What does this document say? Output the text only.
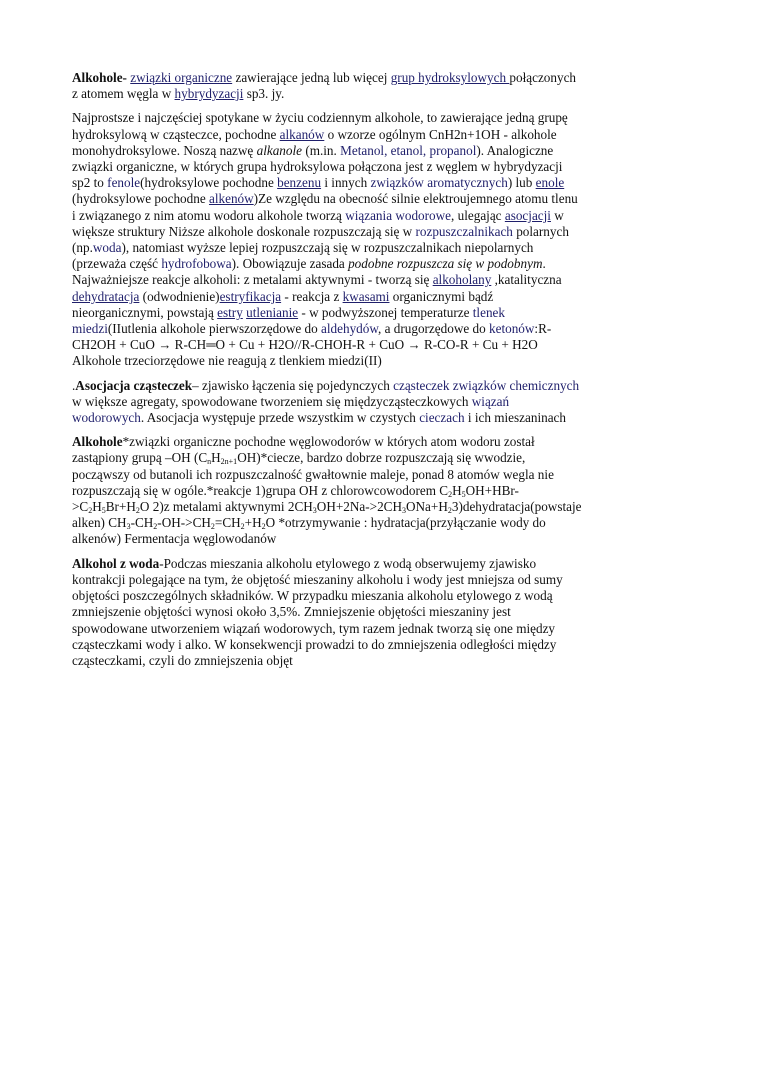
Alkohole- związki organiczne zawierające jedną lub więcej grup hydroksylowych połączonych z atomem węgla w hybrydyzacji sp3. jy.

Najprostsze i najczęściej spotykane w życiu codziennym alkohole, to zawierające jedną grupę hydroksylową w cząsteczce, pochodne alkanów o wzorze ogólnym CnH2n+1OH - alkohole monohydroksylowe. Noszą nazwę alkanole (m.in. Metanol, etanol, propanol). Analogiczne związki organiczne, w których grupa hydroksylowa połączona jest z węglem w hybrydyzacji sp2 to fenole(hydroksylowe pochodne benzenu i innych związków aromatycznych) lub enole (hydroksylowe pochodne alkenów)Ze względu na obecność silnie elektroujemnego atomu tlenu i związanego z nim atomu wodoru alkohole tworzą wiązania wodorowe, ulegając asocjacji w większe struktury Niższe alkohole doskonale rozpuszczają się w rozpuszczalnikach polarnych (np.woda), natomiast wyższe lepiej rozpuszczają się w rozpuszczalnikach niepolarnych (przeważa część hydrofobowa). Obowiązuje zasada podobne rozpuszcza się w podobnym. Najważniejsze reakcje alkoholi: z metalami aktywnymi - tworzą się alkoholany ,katalityczna dehydratacja (odwodnienie)estryfikacja - reakcja z kwasami organicznymi bądź nieorganicznymi, powstają estry utlenianie - w podwyższonej temperaturze tlenek miedzi(IIutlenia alkohole pierwszorzędowe do aldehydów, a drugorzędowe do ketonów:R-CH2OH + CuO → R-CH═O + Cu + H2O//R-CHOH-R + CuO → R-CO-R + Cu + H2O Alkohole trzeciorzędowe nie reagują z tlenkiem miedzi(II)

.Asocjacja cząsteczek– zjawisko łączenia się pojedynczych cząsteczek związków chemicznych w większe agregaty, spowodowane tworzeniem się międzycząsteczkowych wiązań wodorowych. Asocjacja występuje przede wszystkim w czystych cieczach i ich mieszaninach

Alkohole*związki organiczne pochodne węglowodorów w których atom wodoru został zastąpiony grupą –OH $(C_nH_{2n+1}OH)*ciecze$, bardzo dobrze rozpuszczają się wwodzie, począwszy od butanoli ich rozpuszczalność gwałtownie maleje, ponad 8 atomów wegla nie rozpuszczają się w ogóle.*reakcje 1)grupa OH z chlorowcowodorem $C_2H_5OH+HBr->C_2H_5Br+H_2O$ 2)z metalami aktywnymi $2CH_3OH+2Na->2CH_3ONa+H_23)dehydratacja(powstaje$ alken) $CH_3-CH_2-OH->CH_2=CH_2+H_2O$ *otrzymywanie : hydratacja(przyłączanie wody do alkenów) Fermentacja węglowodanów

Alkohol z woda-Podczas mieszania alkoholu etylowego z wodą obserwujemy zjawisko kontrakcji polegające na tym, że objętość mieszaniny alkoholu i wody jest mniejsza od sumy objętości poszczególnych składników. W przypadku mieszania alkoholu etylowego z wodą zmniejszenie objętości wynosi około 3,5%. Zmniejszenie objętości mieszaniny jest spowodowane utworzeniem wiązań wodorowych, tym razem jednak tworzą się one między cząsteczkami wody i alko. W konsekwencji prowadzi to do zmniejszenia odległości między cząsteczkami, czyli do zmniejszenia objęt
